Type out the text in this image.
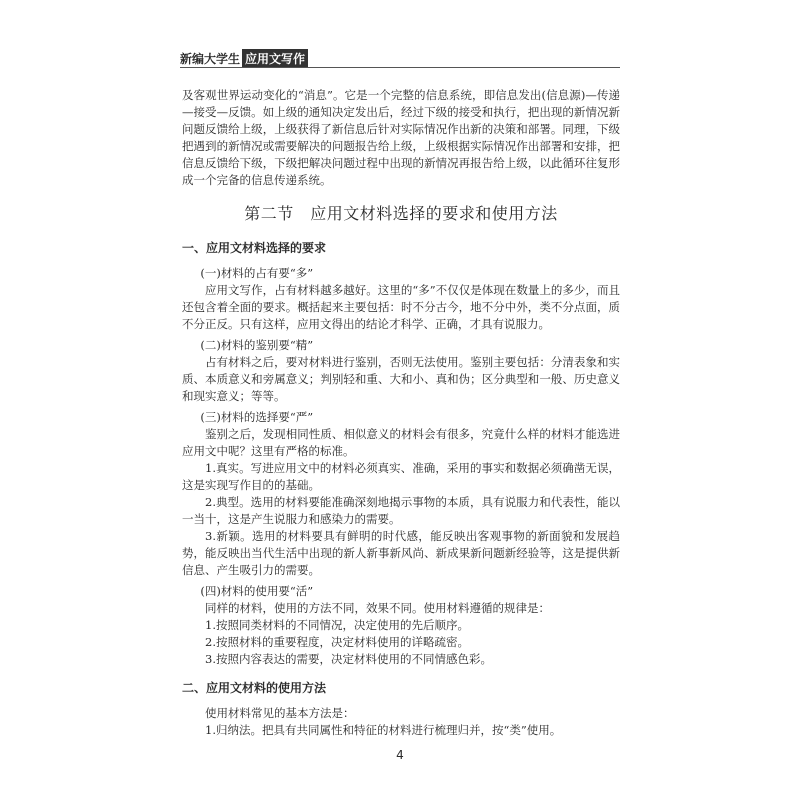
新编大学生 应用文写作

及客观世界运动变化的“消息”。它是一个完整的信息系统，即信息发出(信息源)—传递—接受—反馈。如上级的通知决定发出后，经过下级的接受和执行，把出现的新情况新问题反馈给上级，上级获得了新信息后针对实际情况作出新的决策和部署。同理，下级把遇到的新情况或需要解决的问题报告给上级，上级根据实际情况作出部署和安排，把信息反馈给下级，下级把解决问题过程中出现的新情况再报告给上级，以此循环往复形成一个完备的信息传递系统。

第二节　应用文材料选择的要求和使用方法
一、应用文材料选择的要求

(一)材料的占有要“多”

应用文写作，占有材料越多越好。这里的“多”不仅仅是体现在数量上的多少，而且还包含着全面的要求。概括起来主要包括：时不分古今，地不分中外，类不分点面，质不分正反。只有这样，应用文得出的结论才科学、正确，才具有说服力。

(二)材料的鉴别要“精”

占有材料之后，要对材料进行鉴别，否则无法使用。鉴别主要包括：分清表象和实质、本质意义和旁属意义；判别轻和重、大和小、真和伪；区分典型和一般、历史意义和现实意义；等等。

(三)材料的选择要“严”

鉴别之后，发现相同性质、相似意义的材料会有很多，究竟什么样的材料才能选进应用文中呢？这里有严格的标准。

1.真实。写进应用文中的材料必须真实、准确，采用的事实和数据必须确凿无误，这是实现写作目的的基础。

2.典型。选用的材料要能准确深刻地揭示事物的本质，具有说服力和代表性，能以一当十，这是产生说服力和感染力的需要。

3.新颖。选用的材料要具有鲜明的时代感，能反映出客观事物的新面貌和发展趋势，能反映出当代生活中出现的新人新事新风尚、新成果新问题新经验等，这是提供新信息、产生吸引力的需要。

(四)材料的使用要“活”

同样的材料，使用的方法不同，效果不同。使用材料遵循的规律是：

1.按照同类材料的不同情况，决定使用的先后顺序。

2.按照材料的重要程度，决定材料使用的详略疏密。

3.按照内容表达的需要，决定材料使用的不同情感色彩。

二、应用文材料的使用方法

使用材料常见的基本方法是：

1.归纳法。把具有共同属性和特征的材料进行梳理归并，按“类”使用。

4
